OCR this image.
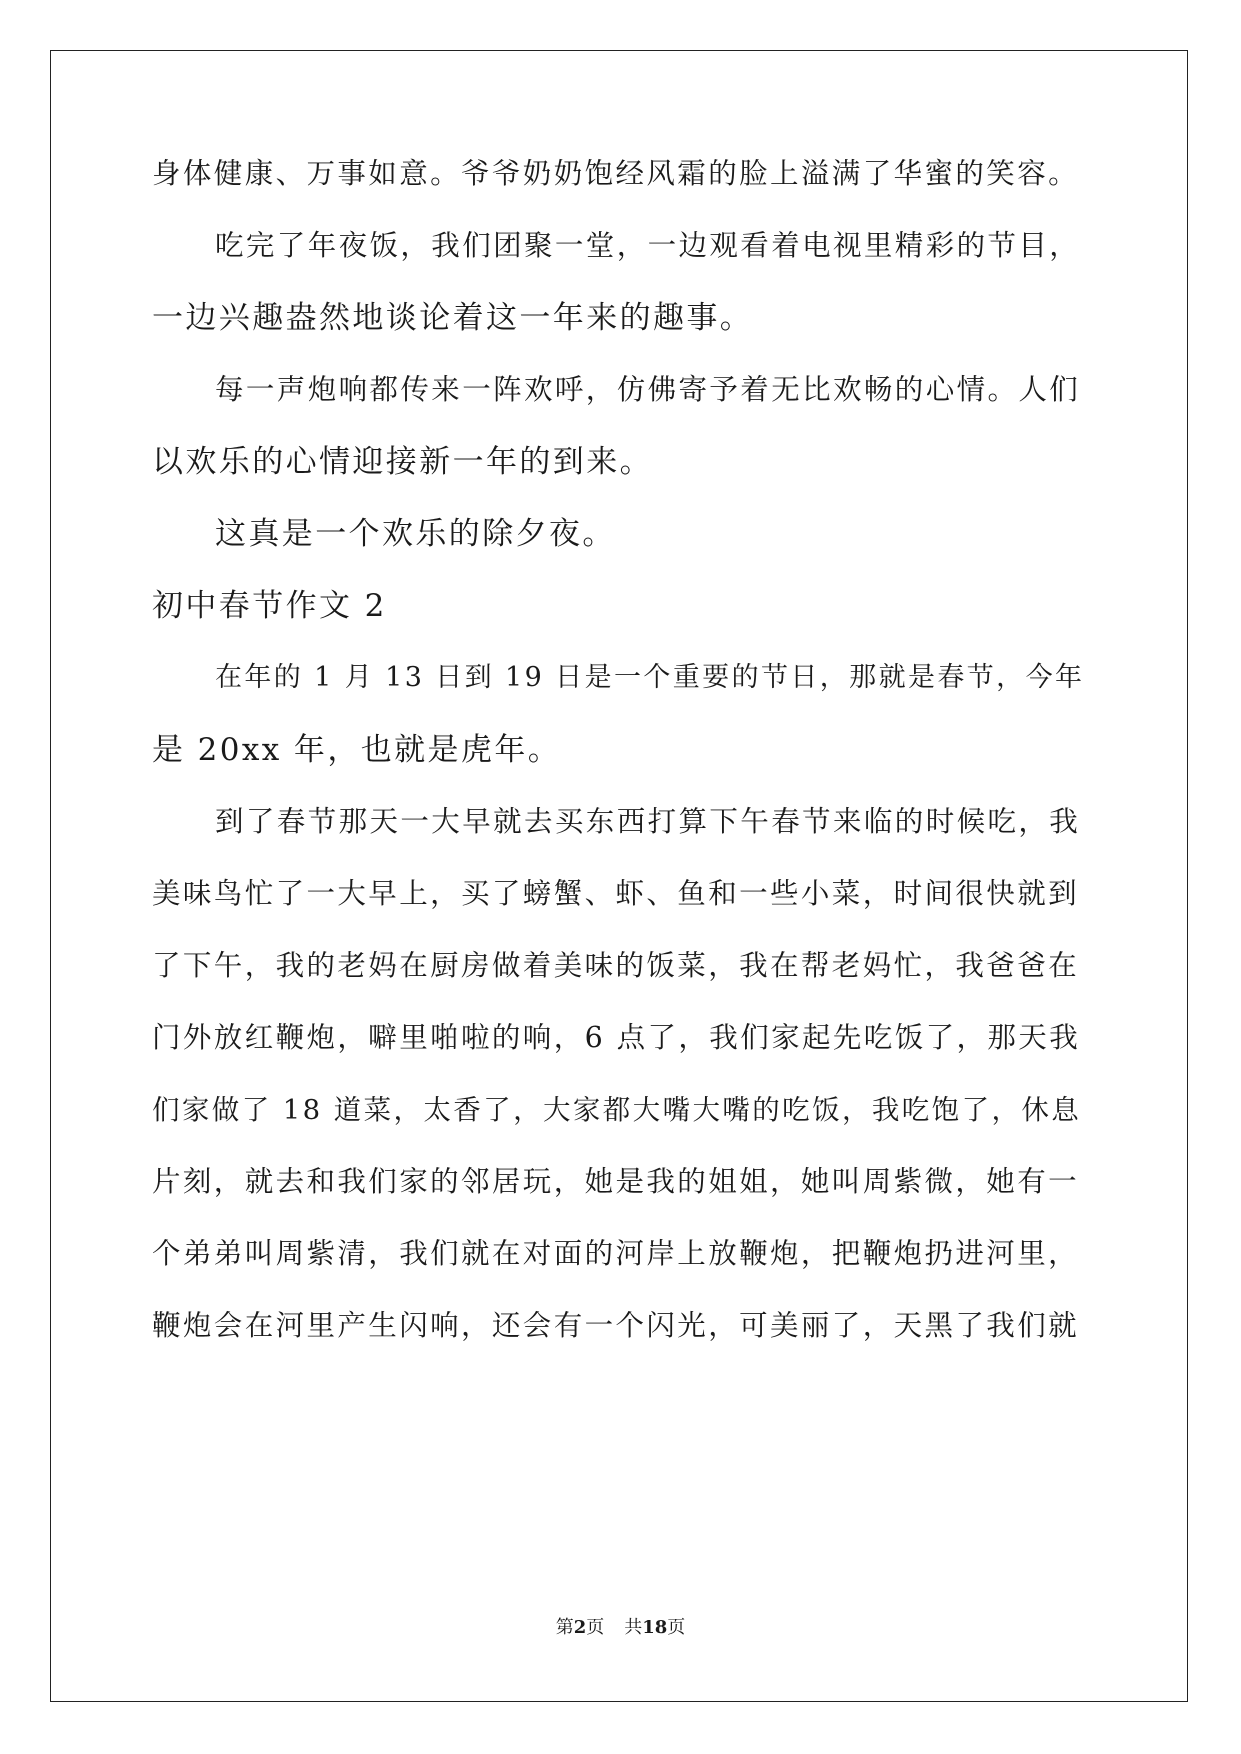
身体健康、万事如意。爷爷奶奶饱经风霜的脸上溢满了华蜜的笑容。
吃完了年夜饭，我们团聚一堂，一边观看着电视里精彩的节目，
一边兴趣盎然地谈论着这一年来的趣事。
每一声炮响都传来一阵欢呼，仿佛寄予着无比欢畅的心情。人们
以欢乐的心情迎接新一年的到来。
这真是一个欢乐的除夕夜。
初中春节作文 2
在年的 1 月 13 日到 19 日是一个重要的节日，那就是春节，今年
是 20xx 年，也就是虎年。
到了春节那天一大早就去买东西打算下午春节来临的时候吃，我
美味鸟忙了一大早上，买了螃蟹、虾、鱼和一些小菜，时间很快就到
了下午，我的老妈在厨房做着美味的饭菜，我在帮老妈忙，我爸爸在
门外放红鞭炮，噼里啪啦的响，6 点了，我们家起先吃饭了，那天我
们家做了 18 道菜，太香了，大家都大嘴大嘴的吃饭，我吃饱了，休息
片刻，就去和我们家的邻居玩，她是我的姐姐，她叫周紫微，她有一
个弟弟叫周紫清，我们就在对面的河岸上放鞭炮，把鞭炮扔进河里，
鞭炮会在河里产生闪响，还会有一个闪光，可美丽了，天黑了我们就
第2页 共18页
